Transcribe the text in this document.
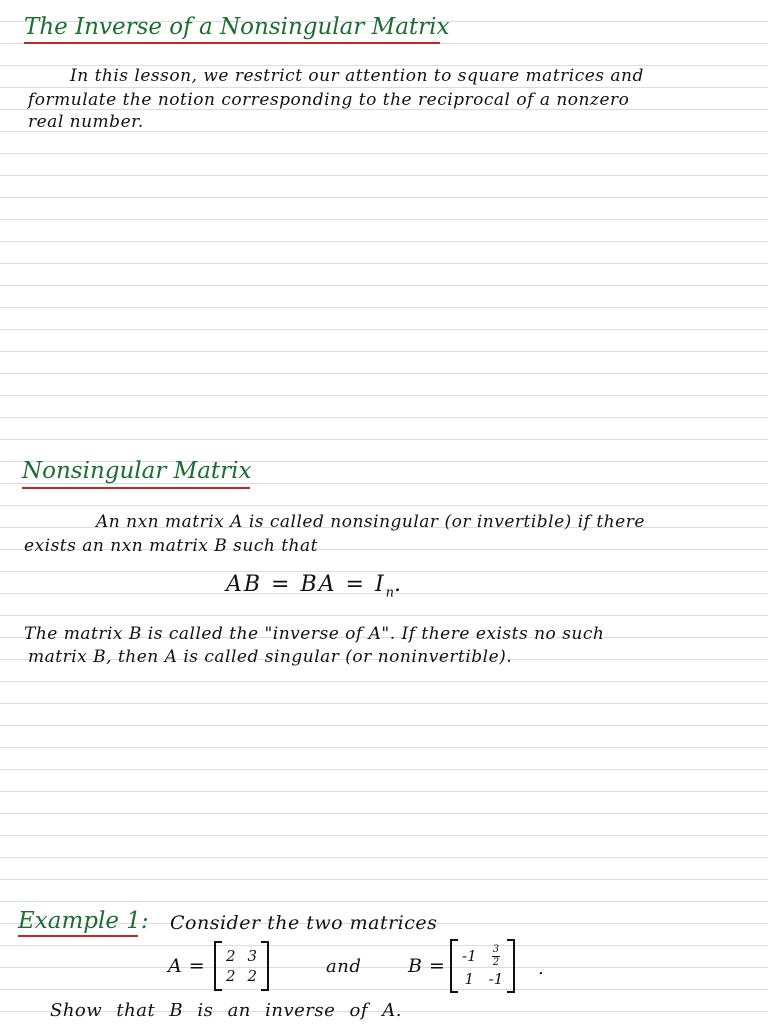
The Inverse of a Nonsingular Matrix
In this lesson, we restrict our attention to square matrices and
formulate the notion corresponding to the reciprocal of a nonzero
real number.
Nonsingular Matrix
An nxn matrix A is called nonsingular (or invertible) if there
exists an nxn matrix B such that
AB = BA = $I_n$.
The matrix B is called the "inverse of A". If there exists no such
matrix B, then A is called singular (or noninvertible).
Example 1: Consider the two matrices
A = 2 3
2 2	and $B = -1 \frac{3}{2}$
1 -1 .
Show that B is an inverse of A.
